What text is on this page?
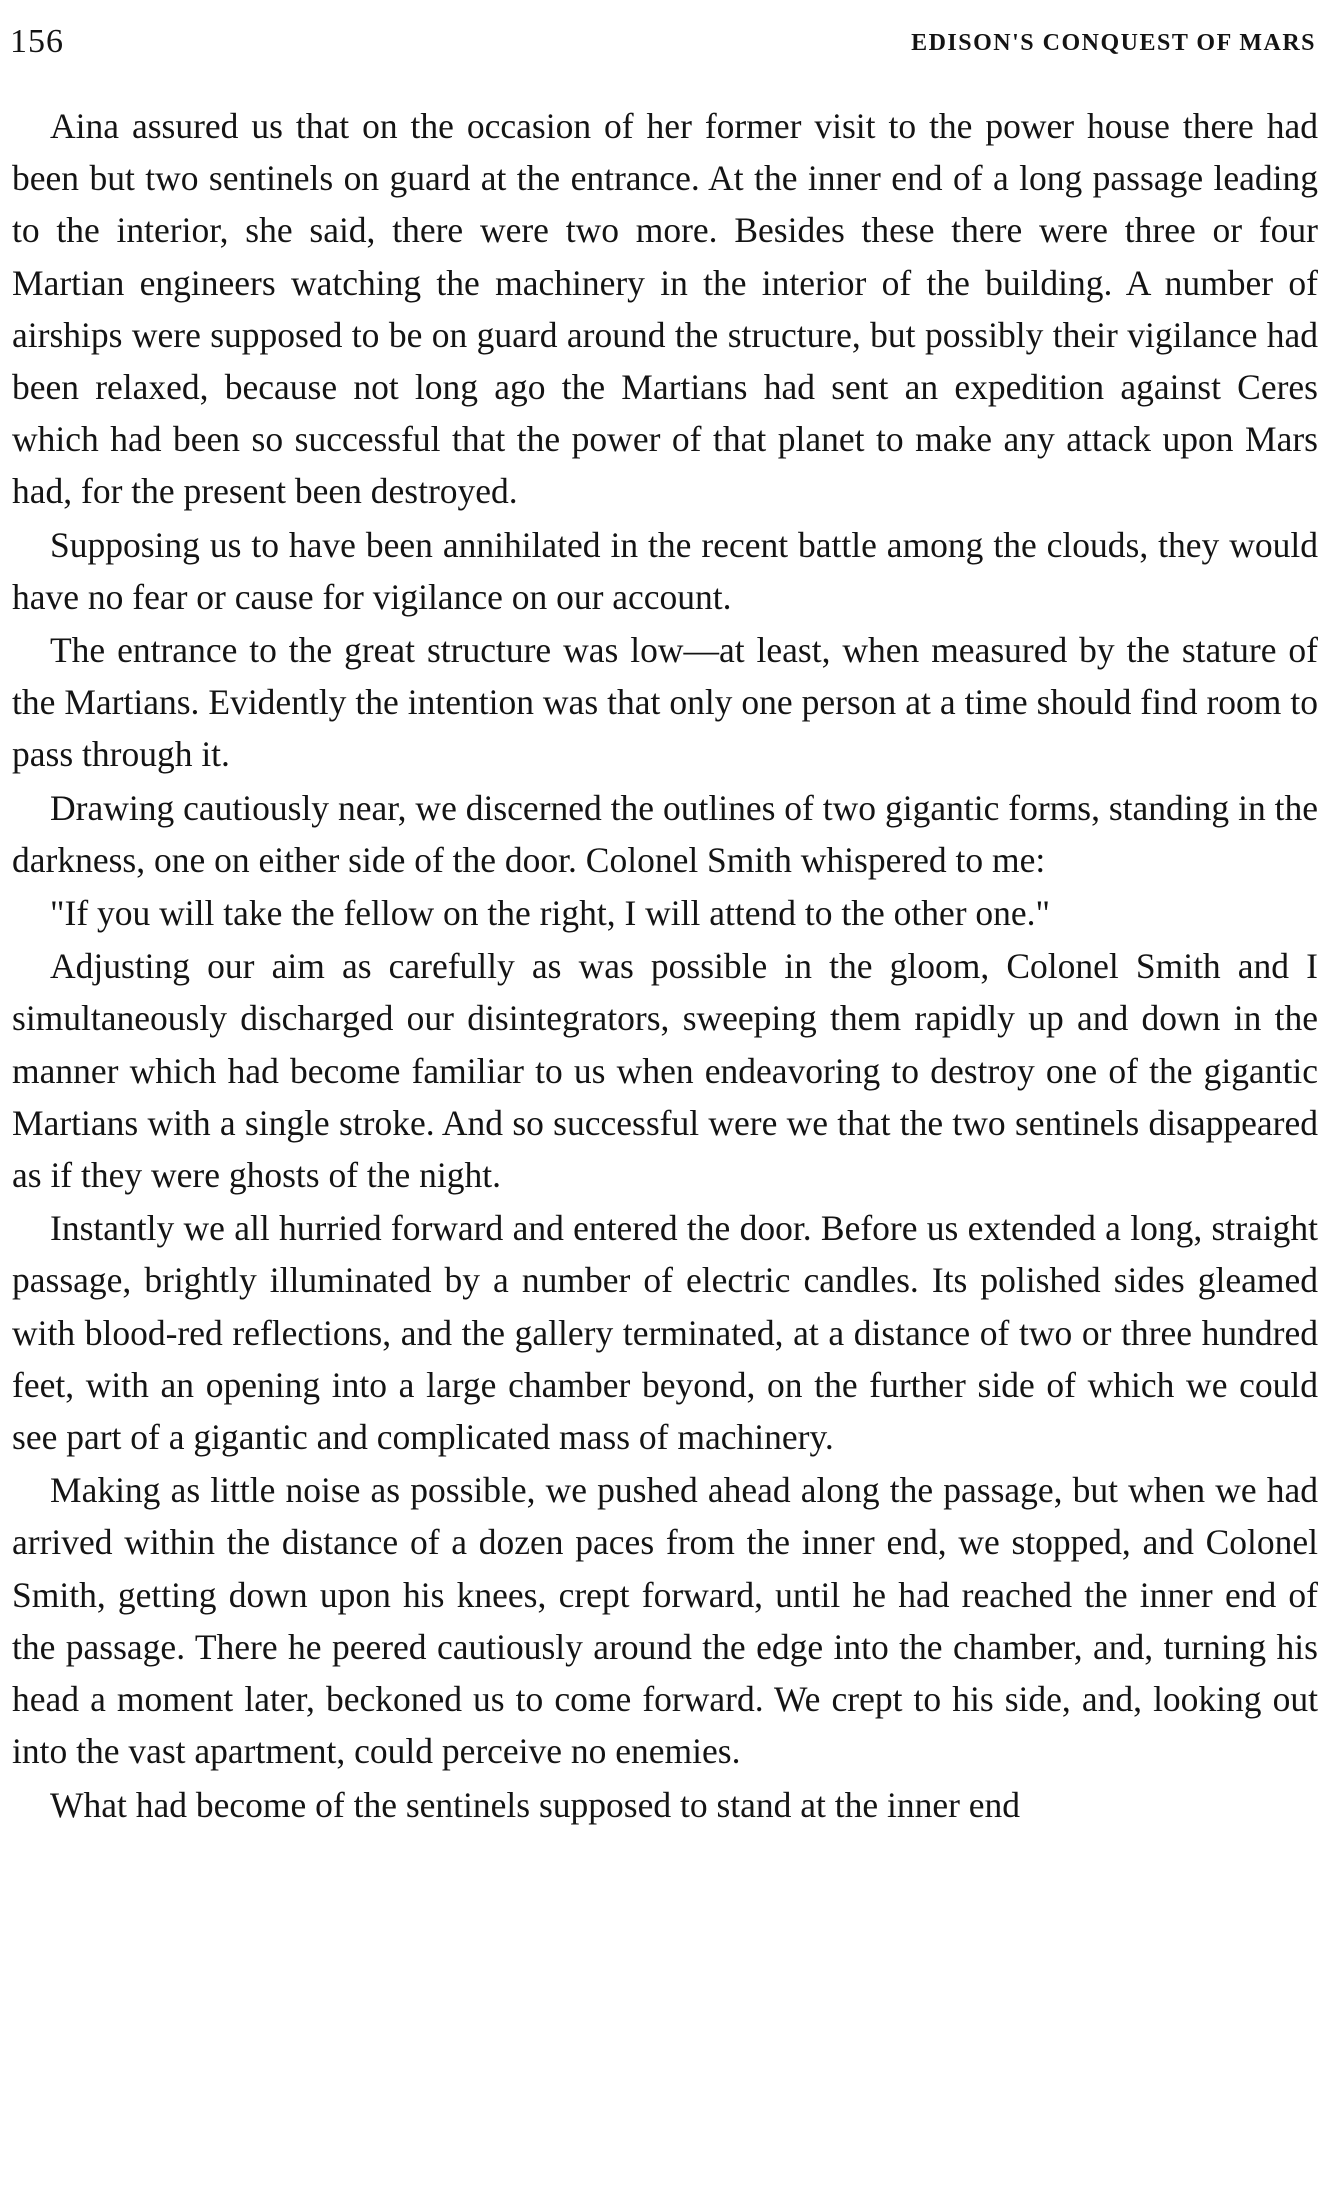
156	EDISON'S CONQUEST OF MARS

Aina assured us that on the occasion of her former visit to the power house there had been but two sentinels on guard at the entrance. At the inner end of a long passage leading to the interior, she said, there were two more. Besides these there were three or four Martian engineers watching the machinery in the interior of the building. A number of airships were supposed to be on guard around the structure, but possibly their vigilance had been relaxed, because not long ago the Martians had sent an expedition against Ceres which had been so successful that the power of that planet to make any attack upon Mars had, for the present been destroyed.

Supposing us to have been annihilated in the recent battle among the clouds, they would have no fear or cause for vigilance on our account.

The entrance to the great structure was low—at least, when measured by the stature of the Martians. Evidently the intention was that only one person at a time should find room to pass through it.

Drawing cautiously near, we discerned the outlines of two gigantic forms, standing in the darkness, one on either side of the door. Colonel Smith whispered to me:

"If you will take the fellow on the right, I will attend to the other one."

Adjusting our aim as carefully as was possible in the gloom, Colonel Smith and I simultaneously discharged our disintegrators, sweeping them rapidly up and down in the manner which had become familiar to us when endeavoring to destroy one of the gigantic Martians with a single stroke. And so successful were we that the two sentinels disappeared as if they were ghosts of the night.

Instantly we all hurried forward and entered the door. Before us extended a long, straight passage, brightly illuminated by a number of electric candles. Its polished sides gleamed with blood-red reflections, and the gallery terminated, at a distance of two or three hundred feet, with an opening into a large chamber beyond, on the further side of which we could see part of a gigantic and complicated mass of machinery.

Making as little noise as possible, we pushed ahead along the passage, but when we had arrived within the distance of a dozen paces from the inner end, we stopped, and Colonel Smith, getting down upon his knees, crept forward, until he had reached the inner end of the passage. There he peered cautiously around the edge into the chamber, and, turning his head a moment later, beckoned us to come forward. We crept to his side, and, looking out into the vast apartment, could perceive no enemies.

What had become of the sentinels supposed to stand at the inner end
